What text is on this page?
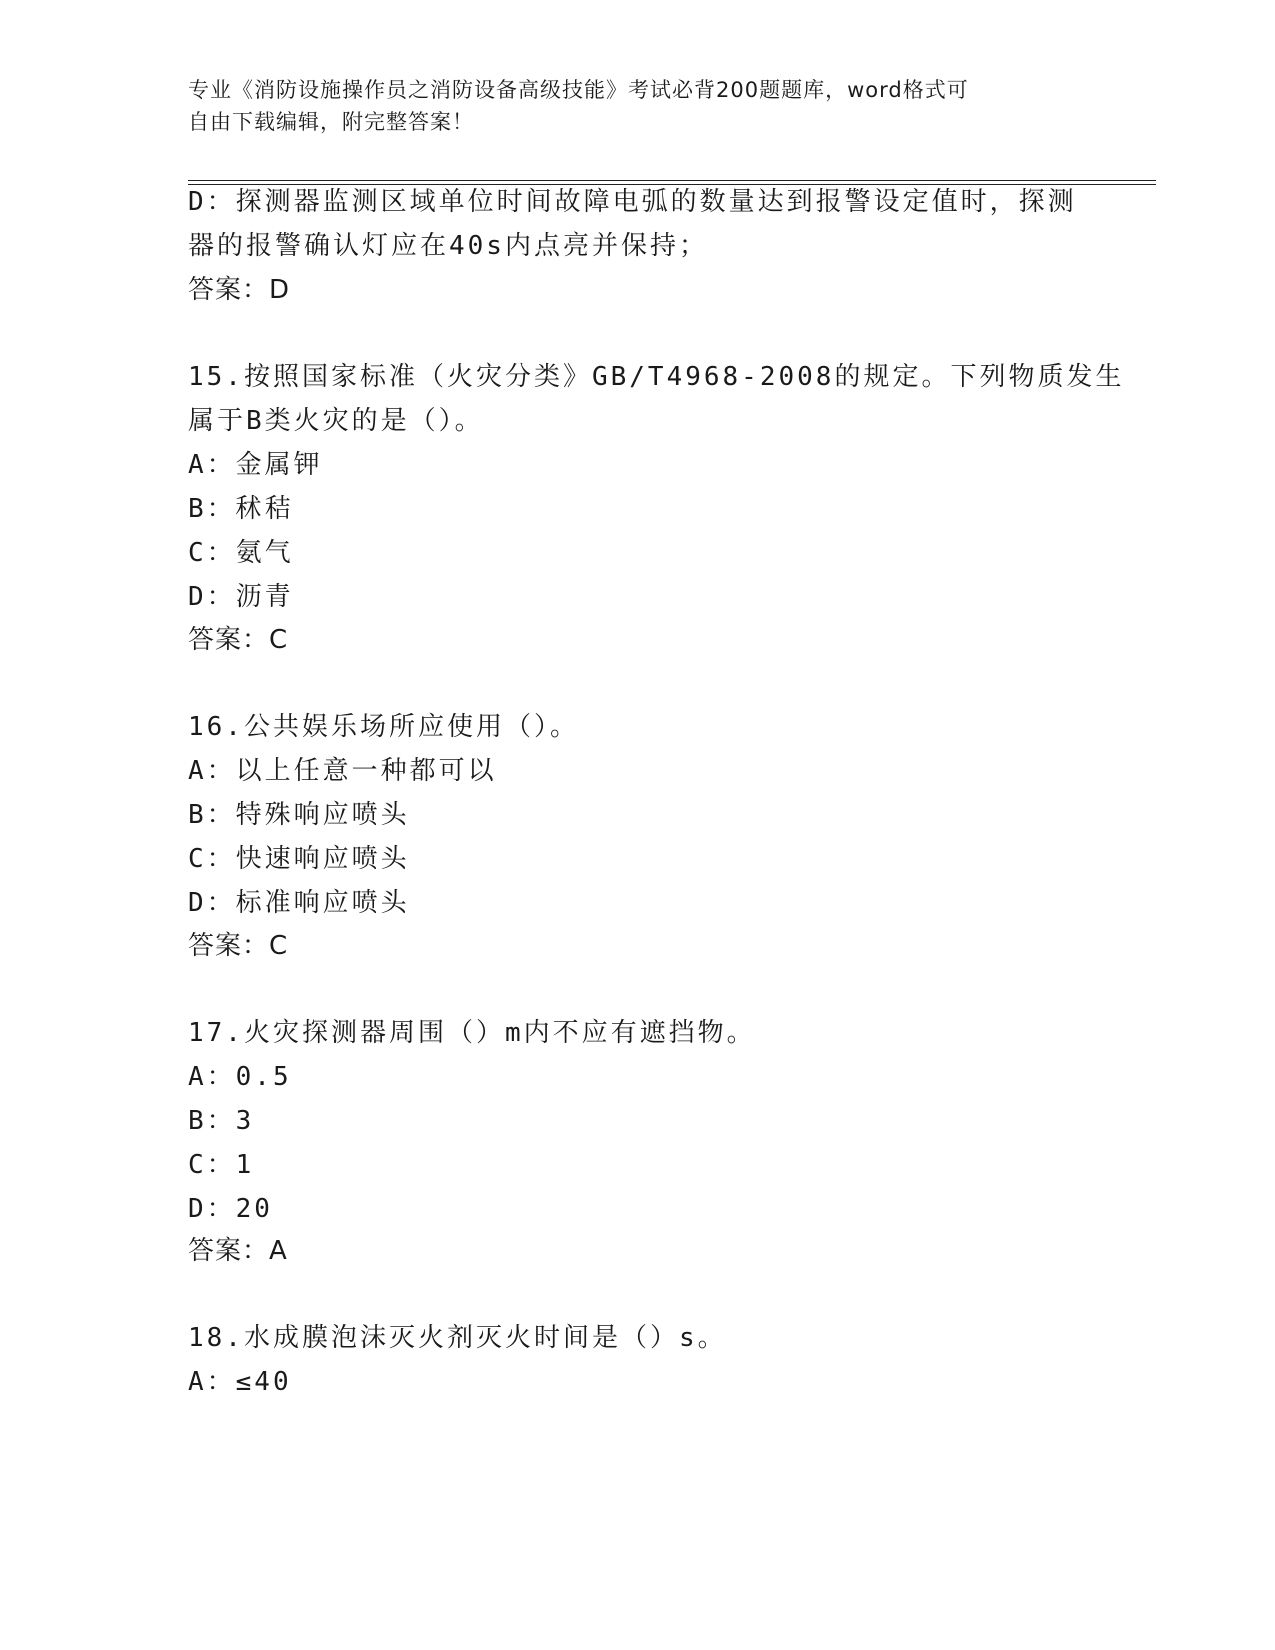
专业《消防设施操作员之消防设备高级技能》考试必背200题题库，word格式可
自由下载编辑，附完整答案！
D：探测器监测区域单位时间故障电弧的数量达到报警设定值时，探测
器的报警确认灯应在40s内点亮并保持；
答案：D
15.按照国家标准（火灾分类》GB/T4968-2008的规定。下列物质发生
属于B类火灾的是（）。
A：金属钾
B：秫秸
C：氨气
D：沥青
答案：C
16.公共娱乐场所应使用（）。
A：以上任意一种都可以
B：特殊响应喷头
C：快速响应喷头
D：标准响应喷头
答案：C
17.火灾探测器周围（）m内不应有遮挡物。
A：0.5
B：3
C：1
D：20
答案：A
18.水成膜泡沫灭火剂灭火时间是（）s。
A：≤40
